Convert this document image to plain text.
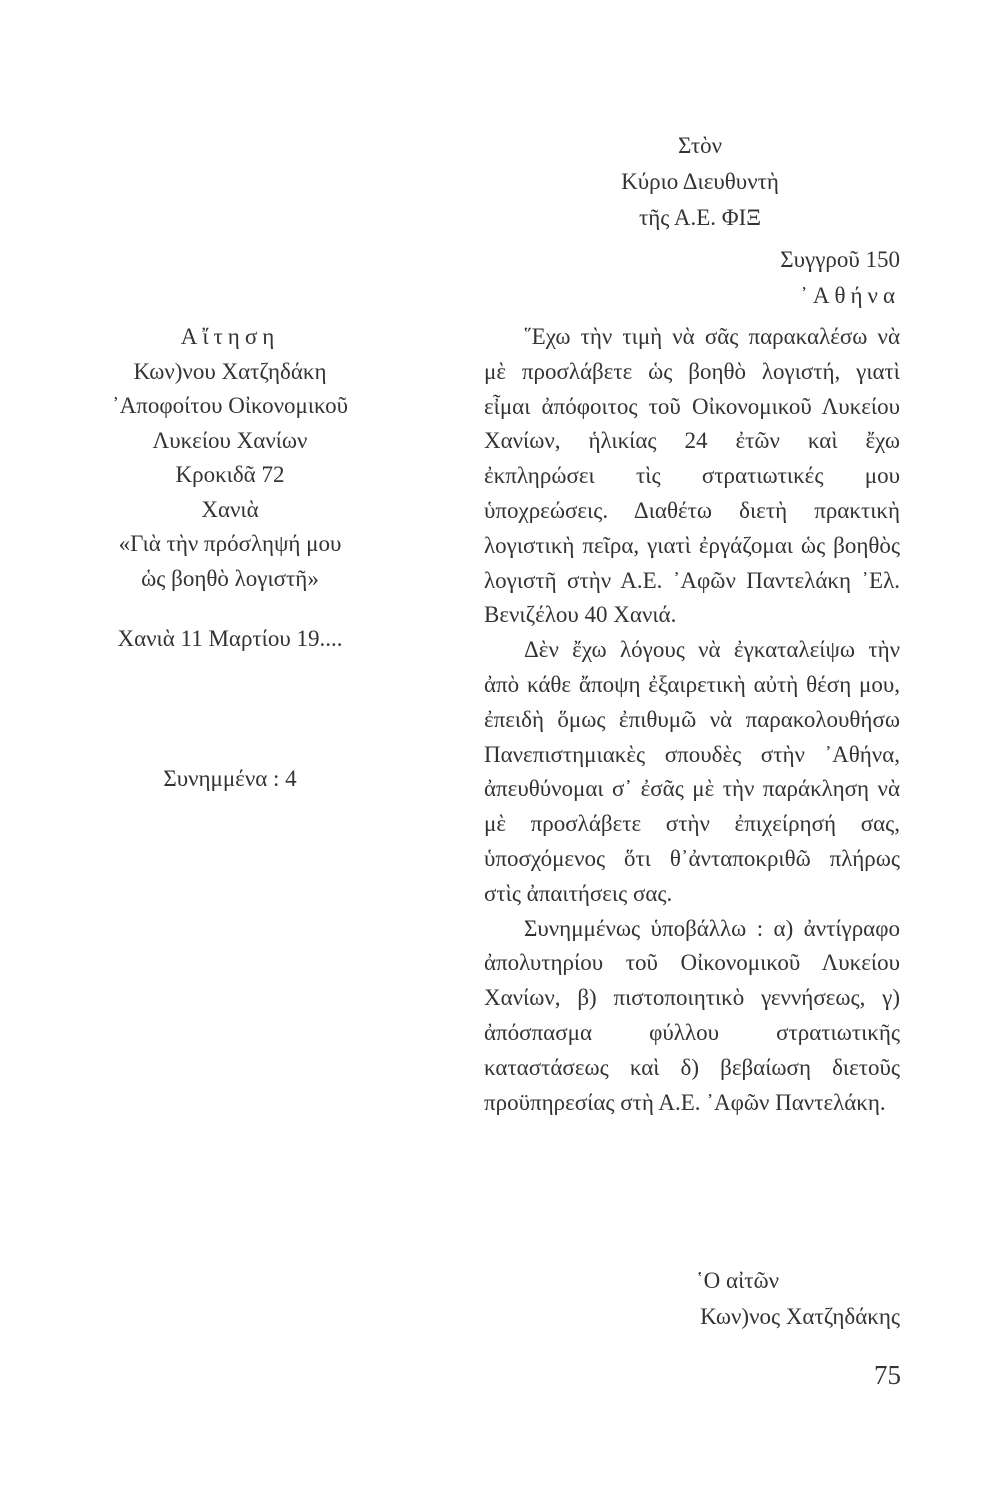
Στὸν
Κύριο Διευθυντὴ
τῆς Α.Ε. ΦΙΞ
Συγγροῦ 150
᾿Αθήνα
Αἴτηση
Κων)νου Χατζηδάκη
᾿Αποφοίτου Οἰκονομικοῦ
Λυκείου Χανίων
Κροκιδᾶ 72
Χανιὰ
«Γιὰ τὴν πρόσληψή μου
ὡς βοηθὸ λογιστῆ»
Χανιὰ 11 Μαρτίου 19....
Συνημμένα : 4

῞Εχω τὴν τιμὴ νὰ σᾶς παρακαλέσω νὰ μὲ προσλάβετε ὡς βοηθὸ λογιστή, γιατὶ εἶμαι ἀπόφοιτος τοῦ Οἰκονομικοῦ Λυκείου Χανίων, ἡλικίας 24 ἐτῶν καὶ ἔχω ἐκπληρώσει τὶς στρατιωτικές μου ὑποχρεώσεις. Διαθέτω διετὴ πρακτικὴ λογιστικὴ πεῖρα, γιατὶ ἐργάζομαι ὡς βοηθὸς λογιστῆ στὴν Α.Ε. ᾿Αφῶν Παντελάκη ᾿Ελ. Βενιζέλου 40 Χανιά.

Δὲν ἔχω λόγους νὰ ἐγκαταλείψω τὴν ἀπὸ κάθε ἄποψη ἐξαιρετικὴ αὐτὴ θέση μου, ἐπειδὴ ὅμως ἐπιθυμῶ νὰ παρακολουθήσω Πανεπιστημιακὲς σπουδὲς στὴν ᾿Αθήνα, ἀπευθύνομαι σ᾿ ἐσᾶς μὲ τὴν παράκληση νὰ μὲ προσλάβετε στὴν ἐπιχείρησή σας, ὑποσχόμενος ὅτι θ᾿ἀνταποκριθῶ πλήρως στὶς ἀπαιτήσεις σας.

Συνημμένως ὑποβάλλω : α) ἀντίγραφο ἀπολυτηρίου τοῦ Οἰκονομικοῦ Λυκείου Χανίων, β) πιστοποιητικὸ γεννήσεως, γ) ἀπόσπασμα φύλλου στρατιωτικῆς καταστάσεως καὶ δ) βεβαίωση διετοῦς προϋπηρεσίας στὴ Α.Ε. ᾿Αφῶν Παντελάκη.

῾Ο αἰτῶν
Κων)νος Χατζηδάκης
75
